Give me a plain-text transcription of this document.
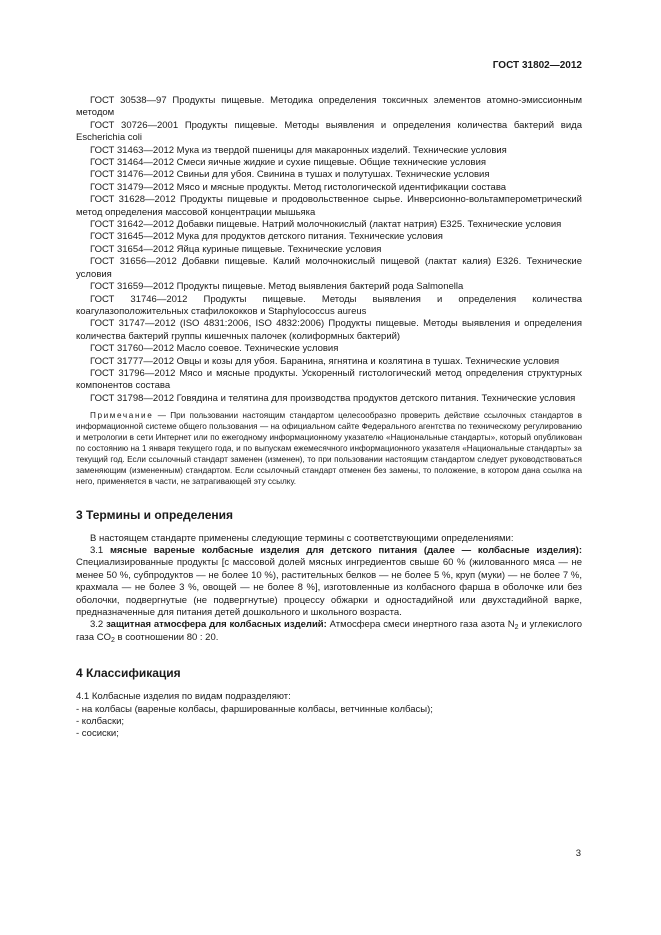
ГОСТ 31802—2012

ГОСТ 30538—97 Продукты пищевые. Методика определения токсичных элементов атомно-эмиссионным методом

ГОСТ 30726—2001 Продукты пищевые. Методы выявления и определения количества бактерий вида Escherichia coli

ГОСТ 31463—2012 Мука из твердой пшеницы для макаронных изделий. Технические условия

ГОСТ 31464—2012 Смеси яичные жидкие и сухие пищевые. Общие технические условия

ГОСТ 31476—2012 Свиньи для убоя. Свинина в тушах и полутушах. Технические условия

ГОСТ 31479—2012 Мясо и мясные продукты. Метод гистологической идентификации состава

ГОСТ 31628—2012 Продукты пищевые и продовольственное сырье. Инверсионно-вольтамперометрический метод определения массовой концентрации мышьяка

ГОСТ 31642—2012 Добавки пищевые. Натрий молочнокислый (лактат натрия) Е325. Технические условия

ГОСТ 31645—2012 Мука для продуктов детского питания. Технические условия

ГОСТ 31654—2012 Яйца куриные пищевые. Технические условия

ГОСТ 31656—2012 Добавки пищевые. Калий молочнокислый пищевой (лактат калия) Е326. Технические условия

ГОСТ 31659—2012 Продукты пищевые. Метод выявления бактерий рода Salmonella

ГОСТ 31746—2012 Продукты пищевые. Методы выявления и определения количества коагулазоположительных стафилококков и Staphylococcus aureus

ГОСТ 31747—2012 (ISO 4831:2006, ISO 4832:2006) Продукты пищевые. Методы выявления и определения количества бактерий группы кишечных палочек (колиформных бактерий)

ГОСТ 31760—2012 Масло соевое. Технические условия

ГОСТ 31777—2012 Овцы и козы для убоя. Баранина, ягнятина и козлятина в тушах. Технические условия

ГОСТ 31796—2012 Мясо и мясные продукты. Ускоренный гистологический метод определения структурных компонентов состава

ГОСТ 31798—2012 Говядина и телятина для производства продуктов детского питания. Технические условия

Примечание — При пользовании настоящим стандартом целесообразно проверить действие ссылочных стандартов в информационной системе общего пользования — на официальном сайте Федерального агентства по техническому регулированию и метрологии в сети Интернет или по ежегодному информационному указателю «Национальные стандарты», который опубликован по состоянию на 1 января текущего года, и по выпускам ежемесячного информационного указателя «Национальные стандарты» за текущий год. Если ссылочный стандарт заменен (изменен), то при пользовании настоящим стандартом следует руководствоваться заменяющим (измененным) стандартом. Если ссылочный стандарт отменен без замены, то положение, в котором дана ссылка на него, применяется в части, не затрагивающей эту ссылку.

3 Термины и определения

В настоящем стандарте применены следующие термины с соответствующими определениями:

3.1 мясные вареные колбасные изделия для детского питания (далее — колбасные изделия): Специализированные продукты [с массовой долей мясных ингредиентов свыше 60 % (жилованного мяса — не менее 50 %, субпродуктов — не более 10 %), растительных белков — не более 5 %, круп (муки) — не более 7 %, крахмала — не более 3 %, овощей — не более 8 %], изготовленные из колбасного фарша в оболочке или без оболочки, подвергнутые (не подвергнутые) процессу обжарки и одностадийной или двухстадийной варке, предназначенные для питания детей дошкольного и школьного возраста.

3.2 защитная атмосфера для колбасных изделий: Атмосфера смеси инертного газа азота $N_2$ и углекислого газа $CO_2$ в соотношении 80 : 20.

4 Классификация

4.1 Колбасные изделия по видам подразделяют:

- на колбасы (вареные колбасы, фаршированные колбасы, ветчинные колбасы);

- колбаски;

- сосиски;

3
